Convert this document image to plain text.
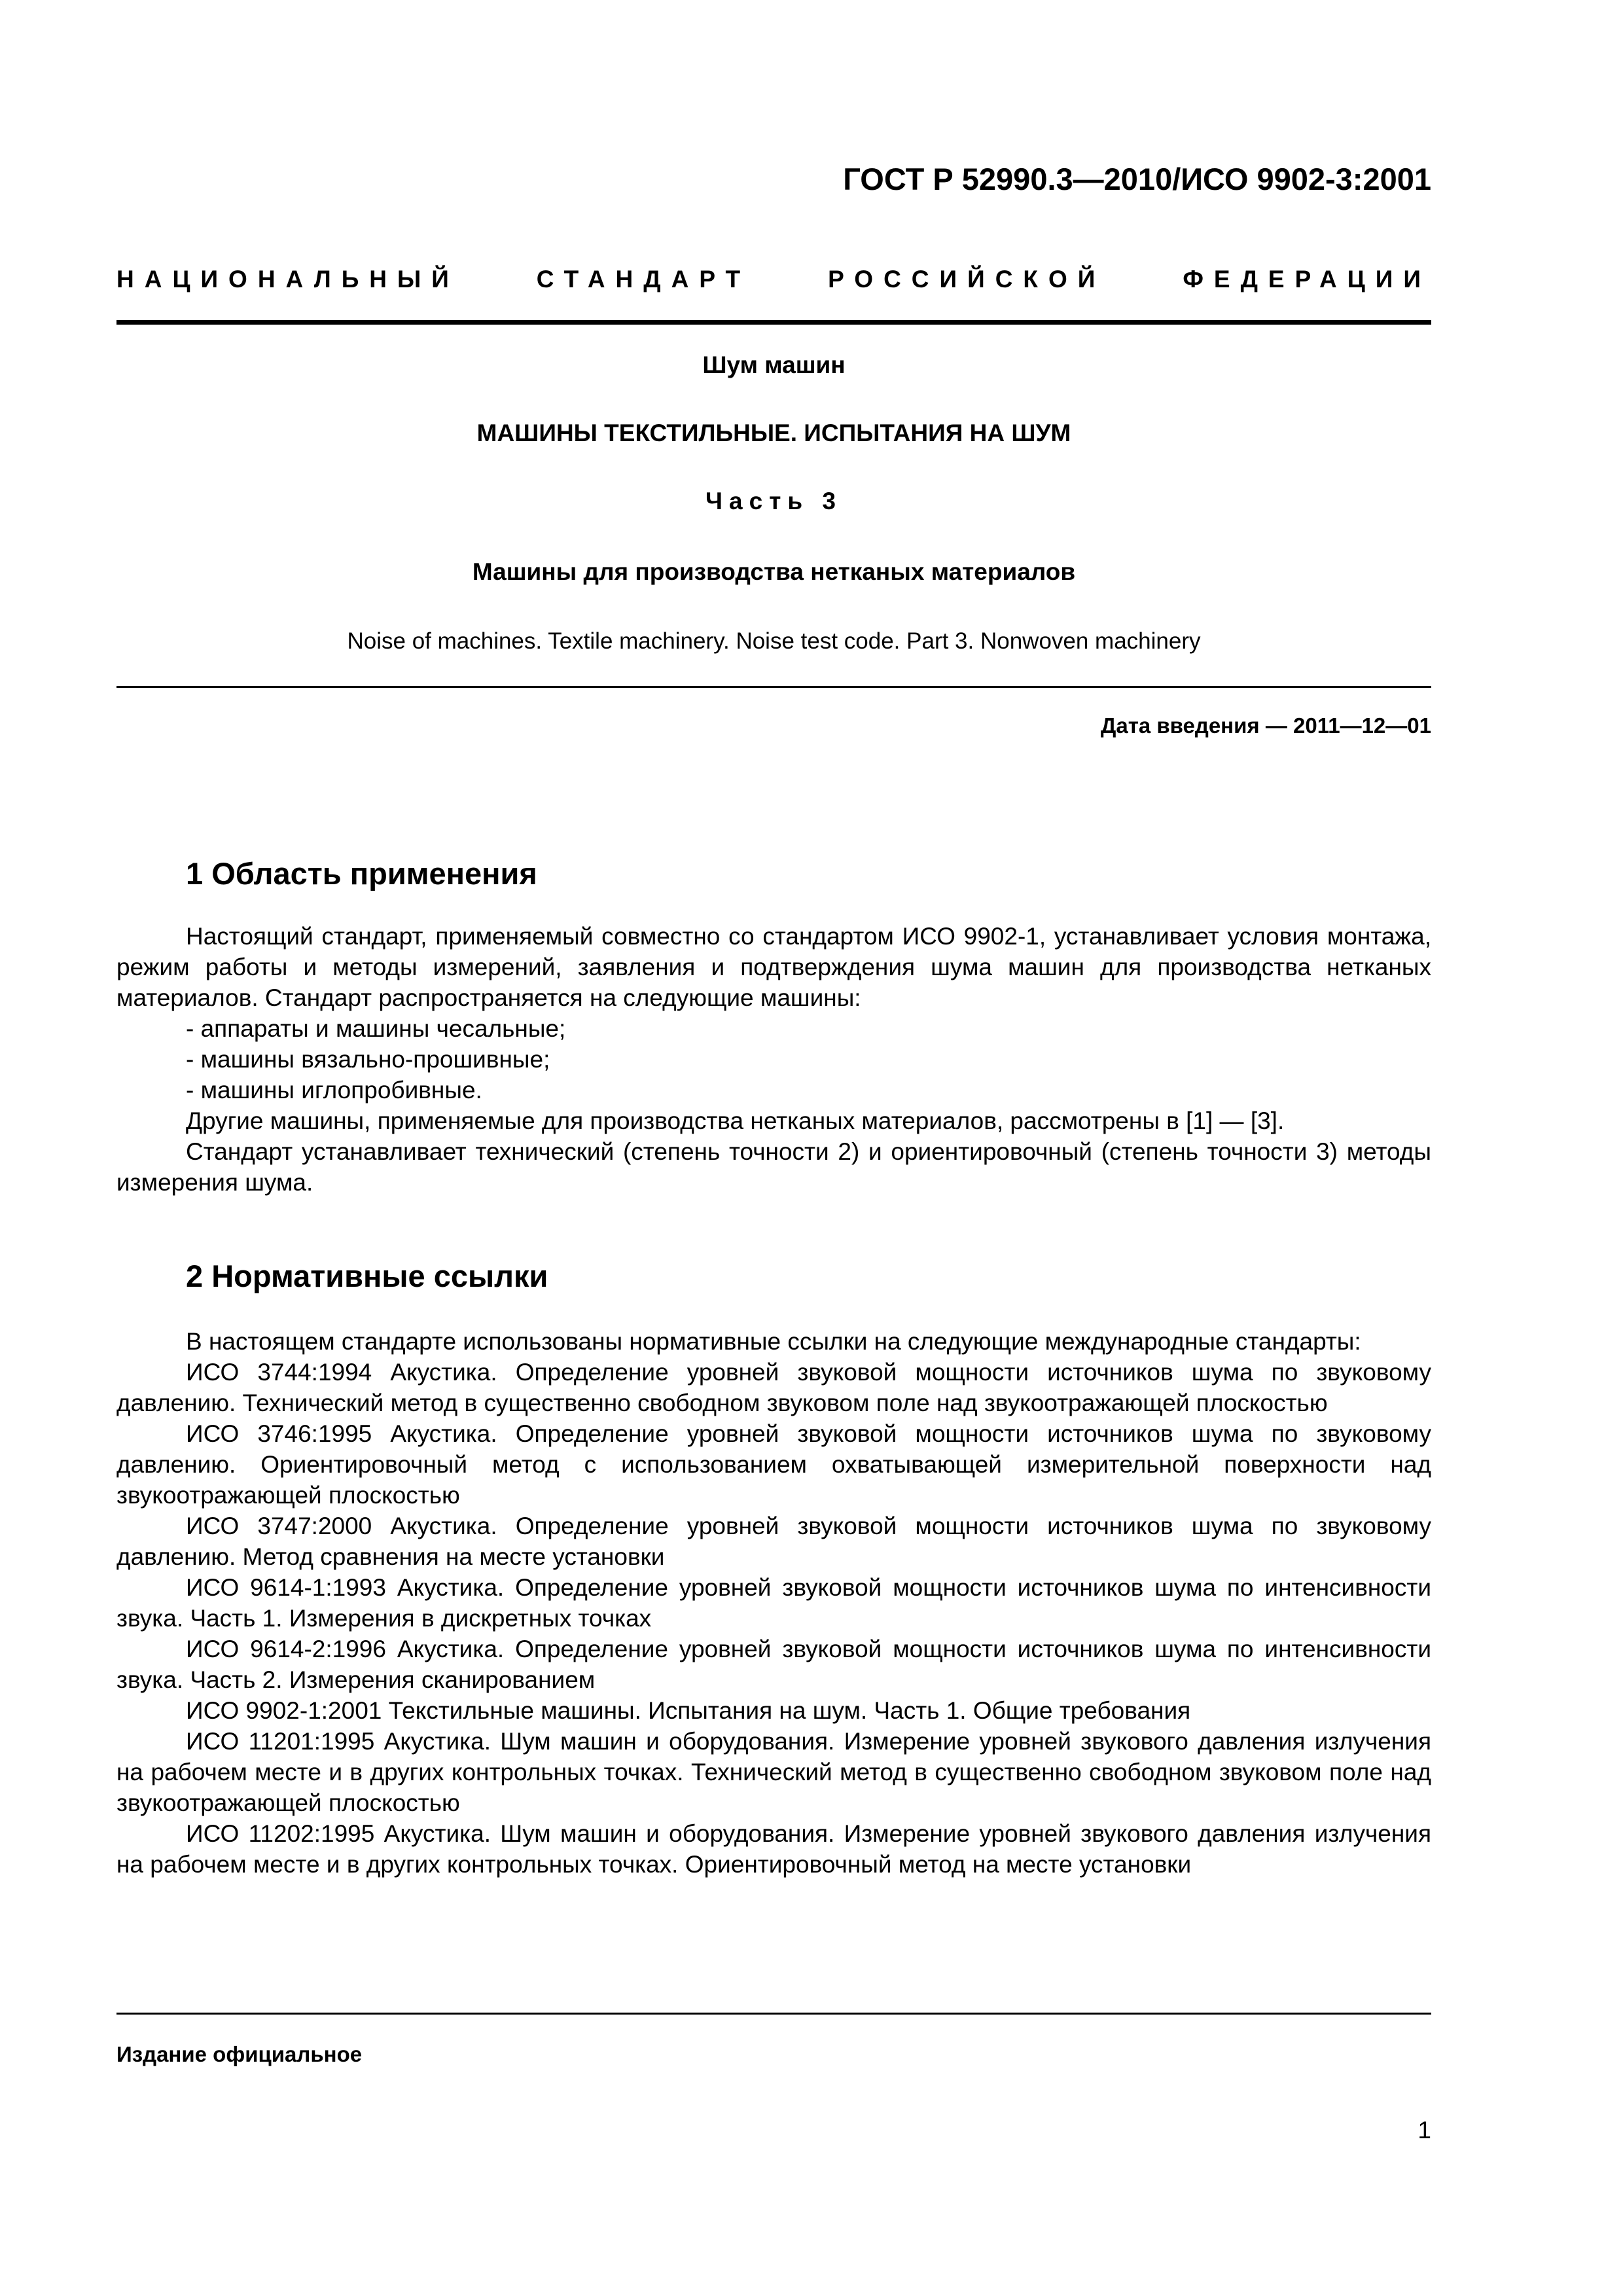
ГОСТ Р 52990.3—2010/ИСО 9902-3:2001
НАЦИОНАЛЬНЫЙ	СТАНДАРТ	РОССИЙСКОЙ	ФЕДЕРАЦИИ
Шум машин
МАШИНЫ ТЕКСТИЛЬНЫЕ. ИСПЫТАНИЯ НА ШУМ
Часть 3
Машины для производства нетканых материалов
Noise of machines. Textile machinery. Noise test code. Part 3. Nonwoven machinery
Дата введения — 2011—12—01
1 Область применения

Настоящий стандарт, применяемый совместно со стандартом ИСО 9902-1, устанавливает условия монтажа, режим работы и методы измерений, заявления и подтверждения шума машин для производства нетканых материалов. Стандарт распространяется на следующие машины:

- аппараты и машины чесальные;

- машины вязально-прошивные;

- машины иглопробивные.

Другие машины, применяемые для производства нетканых материалов, рассмотрены в [1] — [3].

Стандарт устанавливает технический (степень точности 2) и ориентировочный (степень точности 3) методы измерения шума.

2 Нормативные ссылки

В настоящем стандарте использованы нормативные ссылки на следующие международные стандарты:

ИСО 3744:1994 Акустика. Определение уровней звуковой мощности источников шума по звуковому давлению. Технический метод в существенно свободном звуковом поле над звукоотражающей плоскостью

ИСО 3746:1995 Акустика. Определение уровней звуковой мощности источников шума по звуковому давлению. Ориентировочный метод с использованием охватывающей измерительной поверхности над звукоотражающей плоскостью

ИСО 3747:2000 Акустика. Определение уровней звуковой мощности источников шума по звуковому давлению. Метод сравнения на месте установки

ИСО 9614-1:1993 Акустика. Определение уровней звуковой мощности источников шума по интенсивности звука. Часть 1. Измерения в дискретных точках

ИСО 9614-2:1996 Акустика. Определение уровней звуковой мощности источников шума по интенсивности звука. Часть 2. Измерения сканированием

ИСО 9902-1:2001 Текстильные машины. Испытания на шум. Часть 1. Общие требования

ИСО 11201:1995 Акустика. Шум машин и оборудования. Измерение уровней звукового давления излучения на рабочем месте и в других контрольных точках. Технический метод в существенно свободном звуковом поле над звукоотражающей плоскостью

ИСО 11202:1995 Акустика. Шум машин и оборудования. Измерение уровней звукового давления излучения на рабочем месте и в других контрольных точках. Ориентировочный метод на месте установки

Издание официальное
1
